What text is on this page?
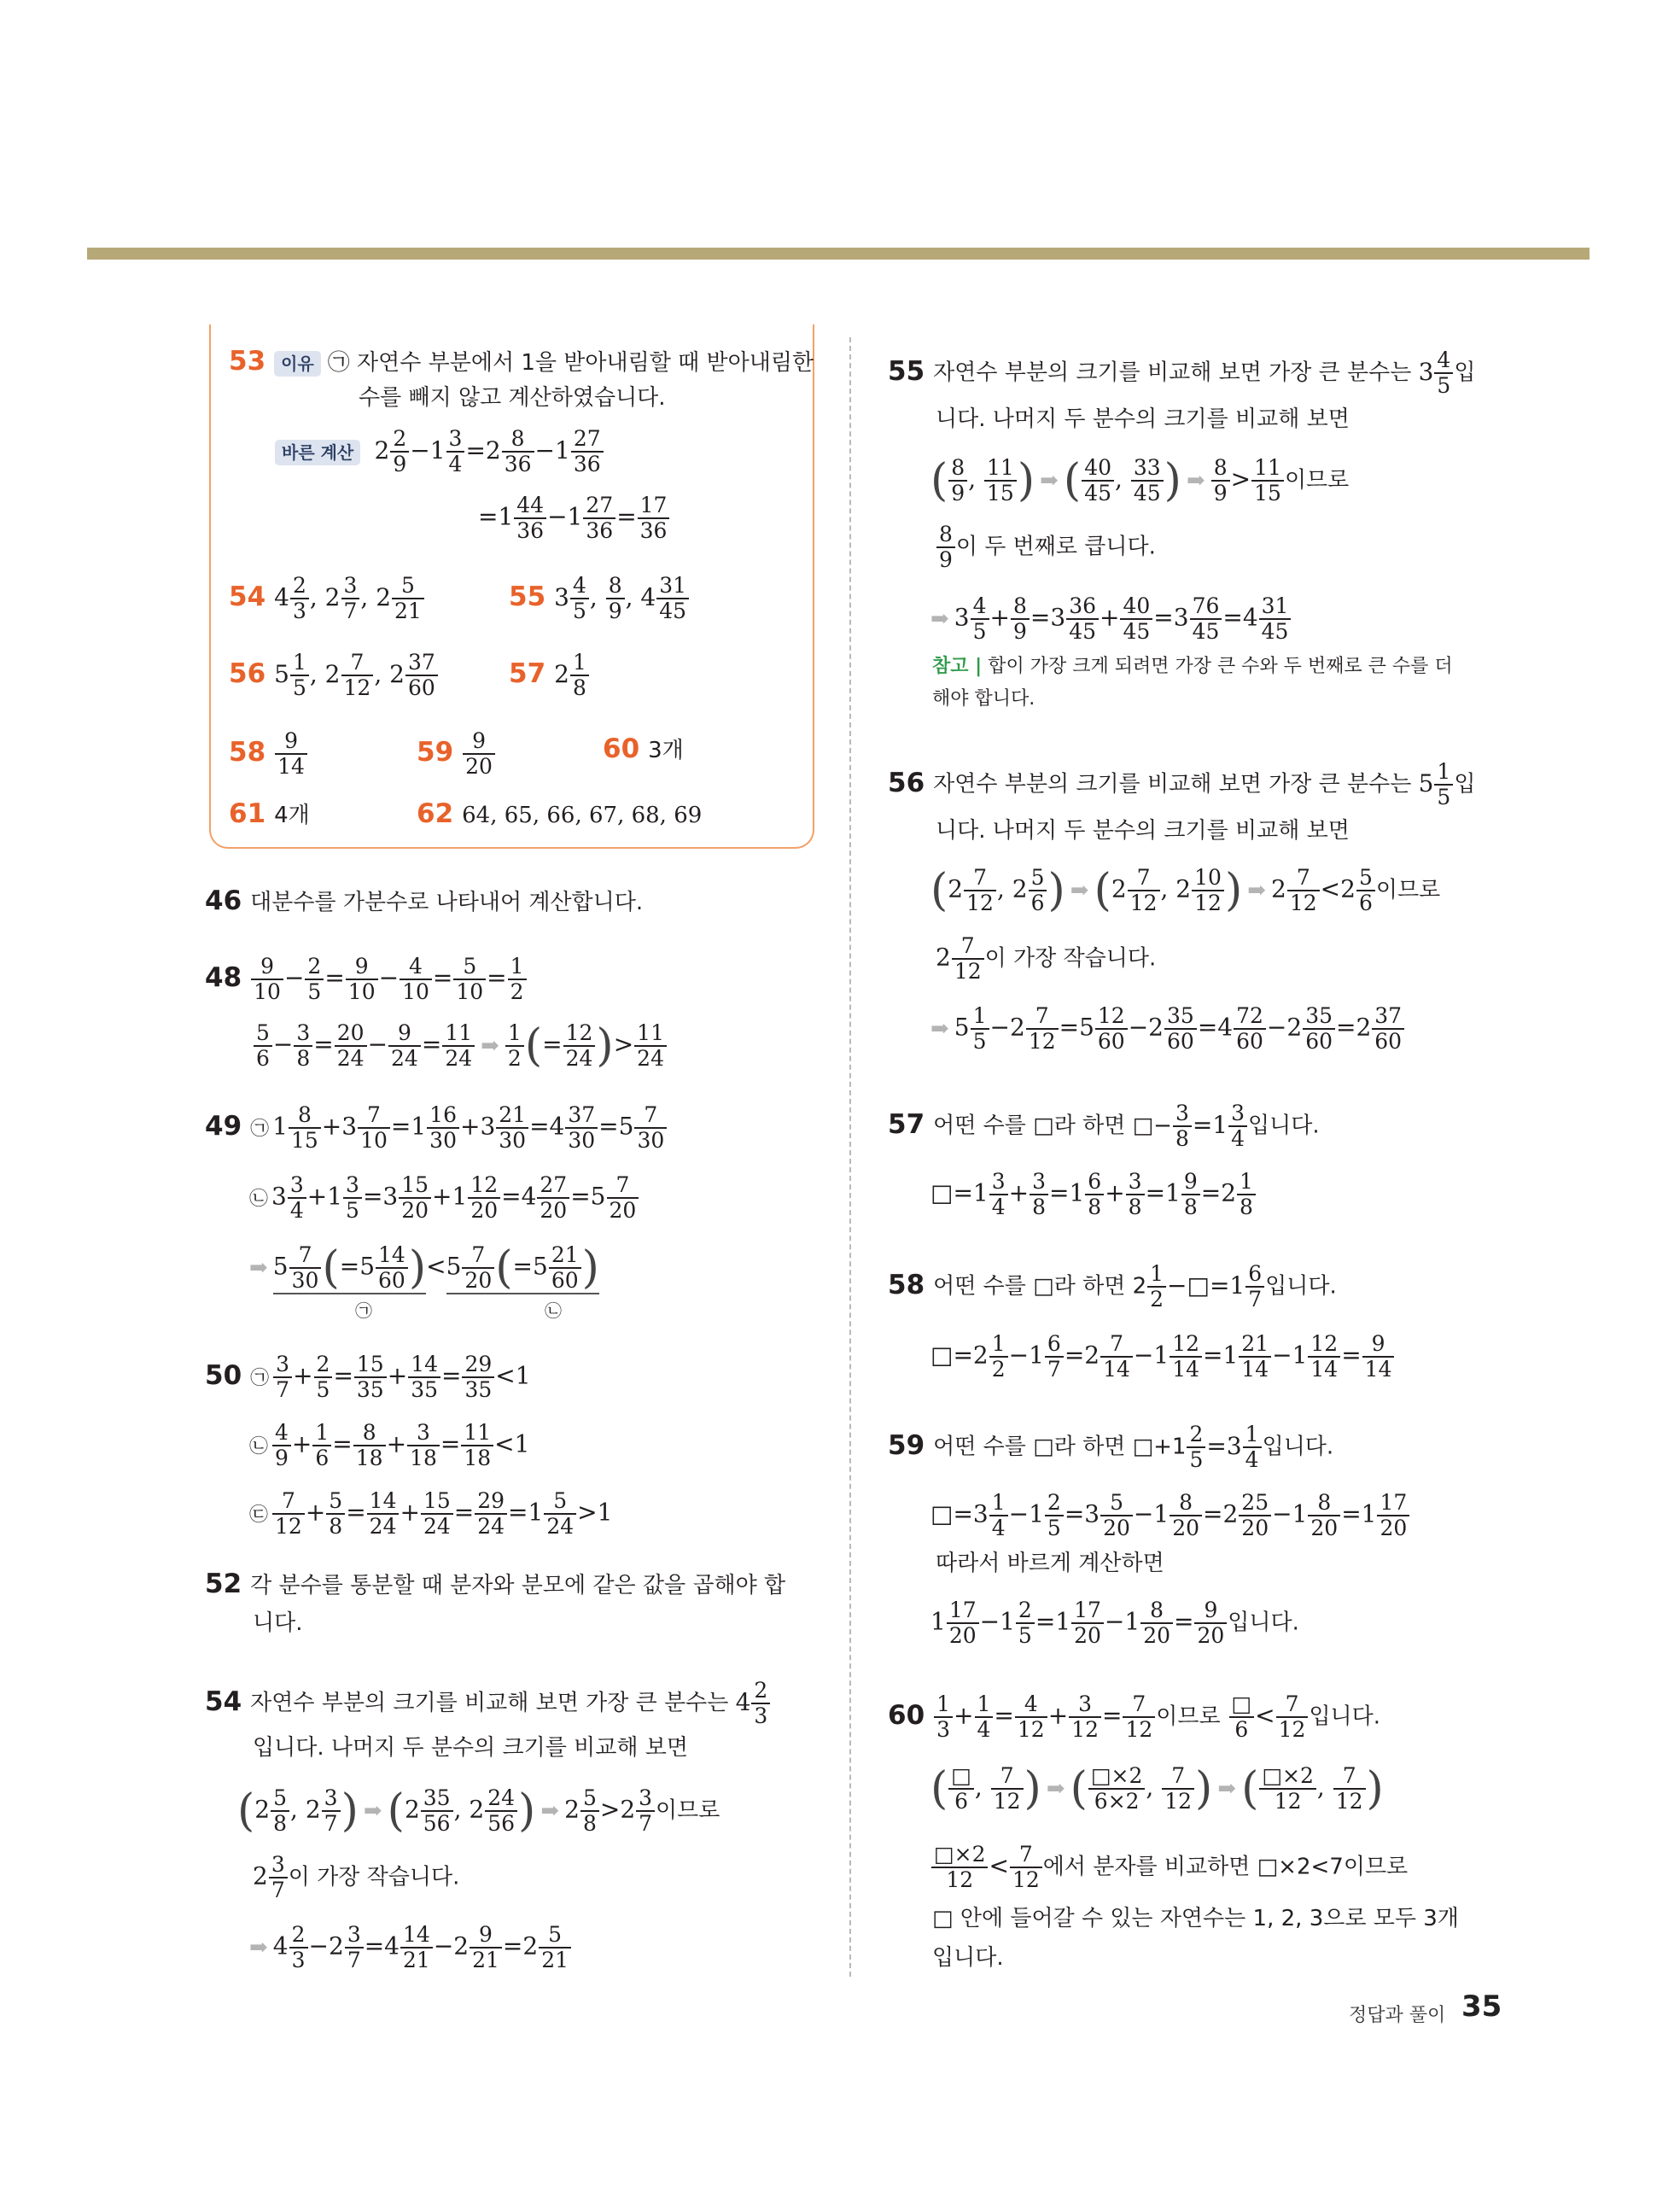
53 이유 ㉠ 자연수 부분에서 1을 받아내림할 때 받아내림한
수를 빼지 않고 계산하였습니다.
바른 계산 $2 \frac{2}{9} -1 \frac{3}{4} =2 \frac{8}{36} -1 \frac{27}{36}$
$=1 \frac{44}{36} -1 \frac{27}{36} = \frac{17}{36}$
54 $4 \frac{2}{3}$ , $2 \frac{3}{7}$ , $2 \frac{5}{21}$	55 $3 \frac{4}{5}$ , $\frac{8}{9}$ , $4 \frac{31}{45}$
56 $5 \frac{1}{5}$ , $2 \frac{7}{12}$ , $2 \frac{37}{60}$	57 $2 \frac{1}{8}$
$58 \frac{9}{14}$	$59 \frac{9}{20}$	60 3개
61 4개	62 64, 65, 66, 67, 68, 69
46 대분수를 가분수로 나타내어 계산합니다.
$48 \frac{9}{10} - \frac{2}{5} = \frac{9}{10} - \frac{4}{10} = \frac{5}{10} = \frac{1}{2}$
$\frac{5}{6} - \frac{3}{8} = \frac{20}{24} - \frac{9}{24} = \frac{11}{24}$ ➡ $\frac{1}{2}$ (= $\frac{12}{24}$ )> $\frac{11}{24}$
49 ㉠ $1 \frac{8}{15} +3 \frac{7}{10} =1 \frac{16}{30} +3 \frac{21}{30} =4 \frac{37}{30} =5 \frac{7}{30}$
㉡ $3 \frac{3}{4} +1 \frac{3}{5} =3 \frac{15}{20} +1 \frac{12}{20} =4 \frac{27}{20} =5 \frac{7}{20}$
➡ $5 \frac{7}{30} (=5 \frac{14}{60} )<5 \frac{7}{20} (=5 \frac{21}{60}$ )
㉠	㉡
50 ㉠ $\frac{3}{7} + \frac{2}{5} = \frac{15}{35} + \frac{14}{35} = \frac{29}{35} <1$
㉡ $\frac{4}{9} + \frac{1}{6} = \frac{8}{18} + \frac{3}{18} = \frac{11}{18} <1$
㉢ $\frac{7}{12} + \frac{5}{8} = \frac{14}{24} + \frac{15}{24} = \frac{29}{24} =1 \frac{5}{24} >1$
52 각 분수를 통분할 때 분자와 분모에 같은 값을 곱해야 합
니다.
54 자연수 부분의 크기를 비교해 보면 가장 큰 분수는 $4 \frac{2}{3}$
입니다. 나머지 두 분수의 크기를 비교해 보면
($2 \frac{5}{8}$ , $2 \frac{3}{7}$ ) ➡ ($2 \frac{35}{56}$ , $2 \frac{24}{56}$ ) ➡ $2 \frac{5}{8} >2 \frac{3}{7}$ 이므로
$2 \frac{3}{7}$ 이 가장 작습니다.
➡ $4 \frac{2}{3} -2 \frac{3}{7} =4 \frac{14}{21} -2 \frac{9}{21} =2 \frac{5}{21}$
55 자연수 부분의 크기를 비교해 보면 가장 큰 분수는 $3 \frac{4}{5}$ 입
니다. 나머지 두 분수의 크기를 비교해 보면
( $\frac{8}{9}$ , $\frac{11}{15}$ ) ➡ ( $\frac{40}{45}$ , $\frac{33}{45}$ ) ➡ $\frac{8}{9} > \frac{11}{15}$ 이므로
$\frac{8}{9}$ 이 두 번째로 큽니다.
➡ $3 \frac{4}{5} + \frac{8}{9} =3 \frac{36}{45} + \frac{40}{45} =3 \frac{76}{45} =4 \frac{31}{45}$
참고 | 합이 가장 크게 되려면 가장 큰 수와 두 번째로 큰 수를 더
해야 합니다.
56 자연수 부분의 크기를 비교해 보면 가장 큰 분수는 $5 \frac{1}{5}$ 입
니다. 나머지 두 분수의 크기를 비교해 보면
($2 \frac{7}{12}$ , $2 \frac{5}{6}$ ) ➡ ($2 \frac{7}{12}$ , $2 \frac{10}{12}$ ) ➡ $2 \frac{7}{12} <2 \frac{5}{6}$ 이므로
$2 \frac{7}{12}$ 이 가장 작습니다.
➡ $5 \frac{1}{5} -2 \frac{7}{12} =5 \frac{12}{60} -2 \frac{35}{60} =4 \frac{72}{60} -2 \frac{35}{60} =2 \frac{37}{60}$
57 어떤 수를 □라 하면 □− $\frac{3}{8} =1 \frac{3}{4}$ 입니다.
□=1 $\frac{3}{4} + \frac{3}{8} =1 \frac{6}{8} + \frac{3}{8} =1 \frac{9}{8} =2 \frac{1}{8}$
58 어떤 수를 □라 하면 $2 \frac{1}{2}$ −□=1 $\frac{6}{7}$ 입니다.
□=2 $\frac{1}{2} -1 \frac{6}{7} =2 \frac{7}{14} -1 \frac{12}{14} =1 \frac{21}{14} -1 \frac{12}{14} = \frac{9}{14}$
59 어떤 수를 □라 하면 □+1 $\frac{2}{5} =3 \frac{1}{4}$ 입니다.
□=3 $\frac{1}{4} -1 \frac{2}{5} =3 \frac{5}{20} -1 \frac{8}{20} =2 \frac{25}{20} -1 \frac{8}{20} =1 \frac{17}{20}$
따라서 바르게 계산하면
$1 \frac{17}{20} -1 \frac{2}{5} =1 \frac{17}{20} -1 \frac{8}{20} = \frac{9}{20}$ 입니다.
$60 \frac{1}{3} + \frac{1}{4} = \frac{4}{12} + \frac{3}{12} = \frac{7}{12}$ 이므로 □
$6 < \frac{7}{12}$ 입니다.
( □
6 , $\frac{7}{12}$ ) ➡ ( $\frac{□\times 2}{6\times 2}$ , $\frac{7}{12}$ ) ➡ ( $\frac{□\times 2}{12}$ , $\frac{7}{12}$ )
$\frac{□\times 2}{12} < \frac{7}{12}$ 에서 분자를 비교하면 □×2<7이므로
□ 안에 들어갈 수 있는 자연수는 1, 2, 3으로 모두 3개
입니다.
정답과 풀이 35
